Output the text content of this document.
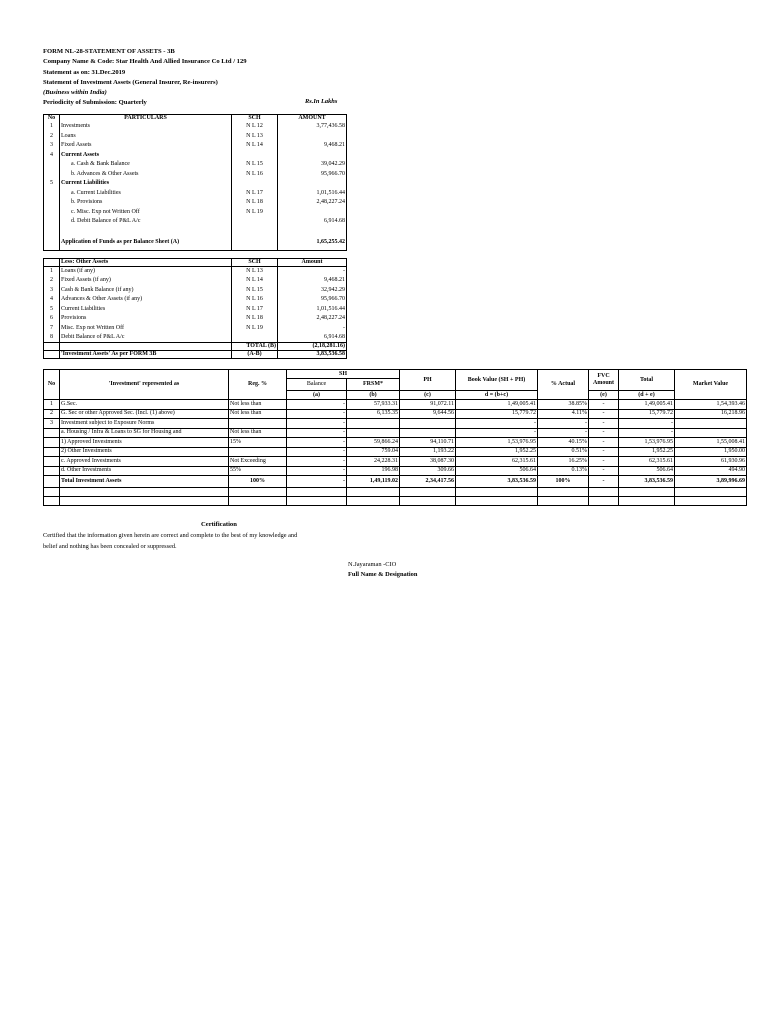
FORM NL-28-STATEMENT OF ASSETS - 3B
Company Name & Code: Star Health And Allied Insurance Co Ltd / 129
Statement as on: 31.Dec.2019
Statement of Investment Assets (General Insurer, Re-insurers)
(Business within India)
Periodicity of Submission: Quarterly	Rs.In Lakhs
No	PARTICULARS	SCH	AMOUNT
1	Investments	N L 12	3,77,436.58
2	Loans	N L 13	
3	Fixed Assets	N L 14	9,468.21
4	Current Assets		
	a. Cash & Bank Balance	N L 15	39,042.29
	b. Advances & Other Assets	N L 16	95,966.70
5	Current Liabilities		
	a. Current Liabilities	N L 17	1,01,516.44
	b. Provisions	N L 18	2,48,227.24
	c. Misc. Exp not Written Off	N L 19	
	d. Debit Balance of P&L A/c		6,914.68

	Application of Funds as per Balance Sheet (A)		1,65,255.42
	Less: Other Assets	SCH	Amount
1	Loans (if any)	N L 13	-
2	Fixed Assets (if any)	N L 14	9,468.21
3	Cash & Bank Balance (if any)	N L 15	32,942.29
4	Advances & Other Assets (if any)	N L 16	95,966.70
5	Current Liabilities	N L 17	1,01,516.44
6	Provisions	N L 18	2,48,227.24
7	Misc. Exp not Written Off	N L 19	-
8	Debit Balance of P&L A/c		6,914.68
		TOTAL (B)	(2,18,281.16)
	'Investment Assets' As per FORM 3B	(A-B)	3,83,536.58
No	'Investment' represented as	Reg. %	SH		PH	Book Value (SH + PH)	% Actual	FVC Amount	Total	Market Value
			Balance	FRSM*						
			(a)	(b)	(c)	d = (b+c)		(e)	(d + e)	
1	G.Sec.	Not less than	-	57,933.31	91,072.11	1,49,005.41	38.85%	-	1,49,005.41	1,54,393.46
2	G. Sec or other Approved Sec. (Incl. (1) above)	Not less than	-	6,135.35	9,644.56	15,779.72	4.11%	-	15,779.72	16,218.96
3	Investment subject to Exposure Norms		-			-	-	-	-	
	a. Housing / Infra & Loans to SG for Housing and	Not less than	-			-	-	-	-	
	1) Approved Investments	15%	-	59,866.24	94,110.71	1,53,976.95	40.15%	-	1,53,976.95	1,55,008.41
	2) Other Investments		-	759.04	1,193.22	1,952.25	0.51%	-	1,952.25	1,950.00
	c. Approved Investments	Not Exceeding	-	24,228.31	38,087.30	62,315.61	16.25%	-	62,315.61	61,930.96
	d. Other Investments	55%	-	196.98	309.66	506.64	0.13%	-	506.64	494.90
	Total Investment Assets	100%	-	1,49,119.02	2,34,417.56	3,83,536.59	100%	-	3,83,536.59	3,89,996.69

Certification
Certified that the information given herein are correct and complete to the best of my knowledge and
belief and nothing has been concealed or suppressed.
N.Jayaraman -CIO
Full Name & Designation
